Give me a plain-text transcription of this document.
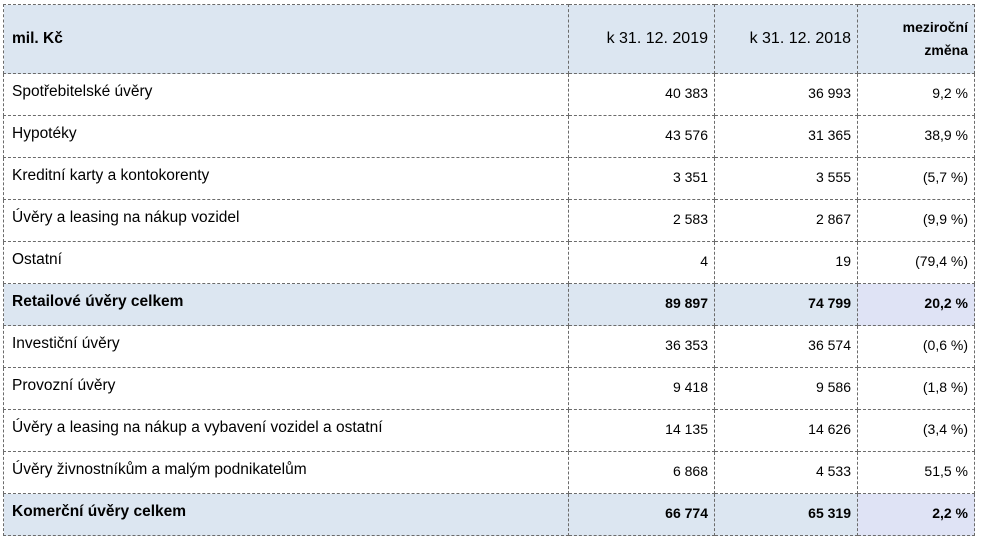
mil. Kč	k 31. 12. 2019	k 31. 12. 2018	meziroční změna
Spotřebitelské úvěry	40 383	36 993	9,2 %
Hypotéky	43 576	31 365	38,9 %
Kreditní karty a kontokorenty	3 351	3 555	(5,7 %)
Úvěry a leasing na nákup vozidel	2 583	2 867	(9,9 %)
Ostatní	4	19	(79,4 %)
Retailové úvěry celkem	89 897	74 799	20,2 %
Investiční úvěry	36 353	36 574	(0,6 %)
Provozní úvěry	9 418	9 586	(1,8 %)
Úvěry a leasing na nákup a vybavení vozidel a ostatní	14 135	14 626	(3,4 %)
Úvěry živnostníkům a malým podnikatelům	6 868	4 533	51,5 %
Komerční úvěry celkem	66 774	65 319	2,2 %
